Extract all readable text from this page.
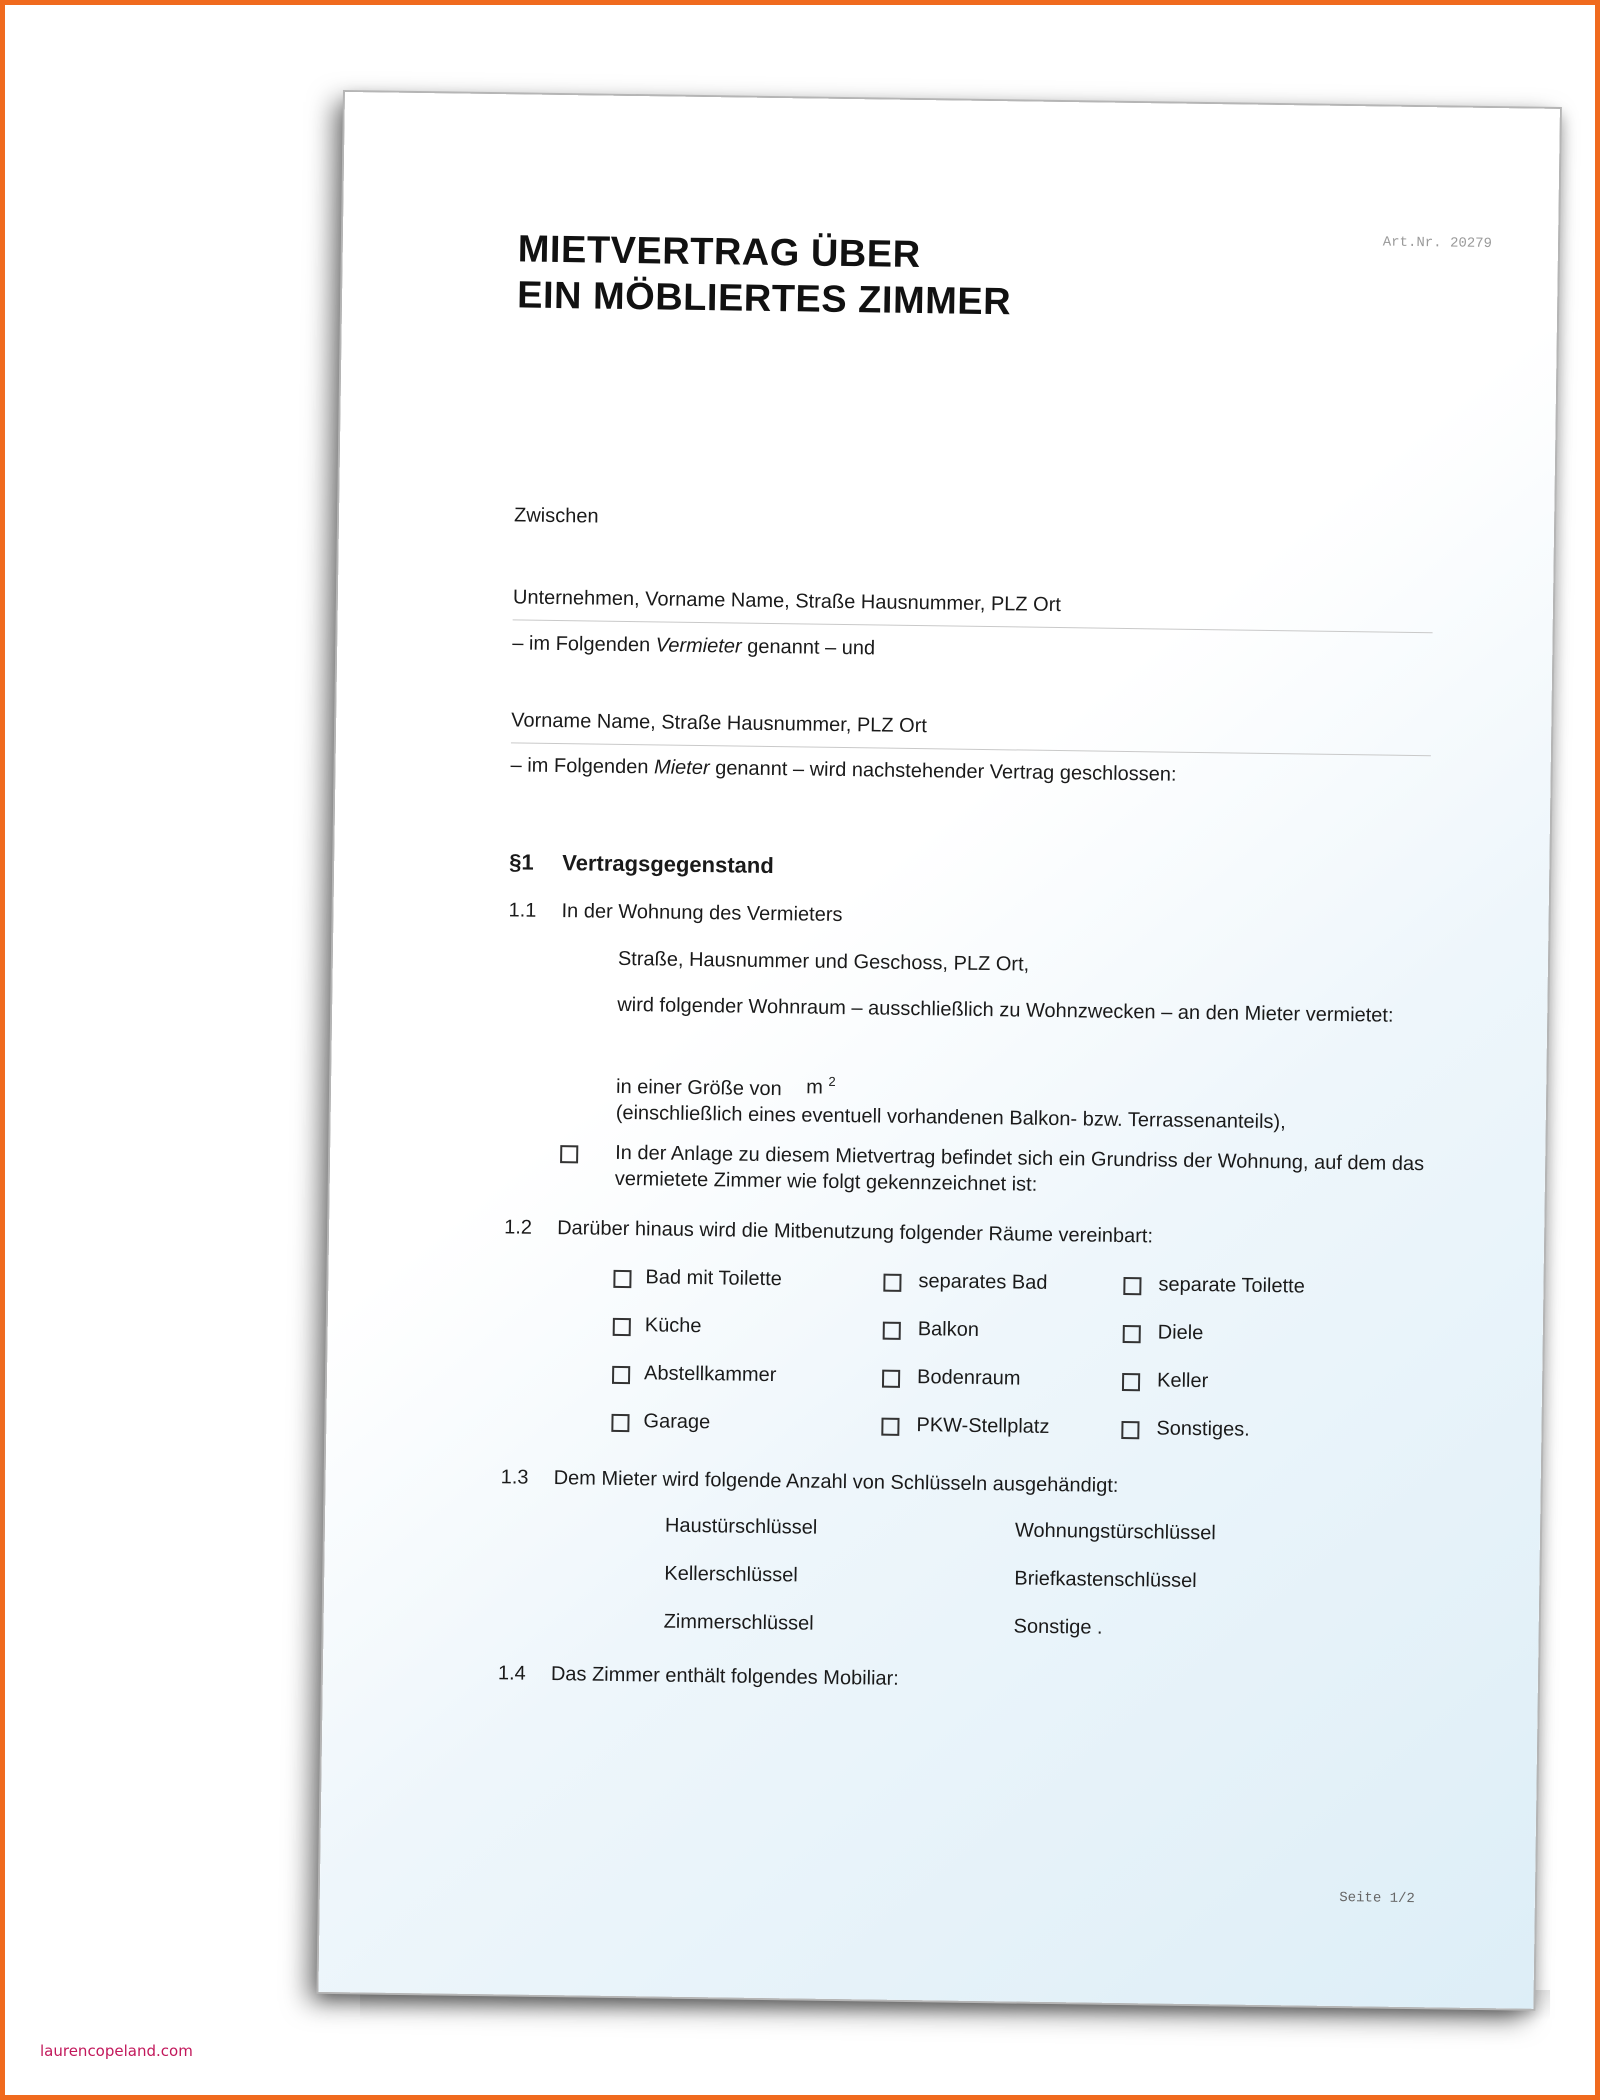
Art.Nr. 20279
MIETVERTRAG ÜBER
EIN MÖBLIERTES ZIMMER
Zwischen
Unternehmen, Vorname Name, Straße Hausnummer, PLZ Ort
– im Folgenden Vermieter genannt – und
Vorname Name, Straße Hausnummer, PLZ Ort
– im Folgenden Mieter genannt – wird nachstehender Vertrag geschlossen:
§1 Vertragsgegenstand
1.1 In der Wohnung des Vermieters
Straße, Hausnummer und Geschoss, PLZ Ort,
wird folgender Wohnraum – ausschließlich zu Wohnzwecken – an den Mieter vermietet:
in einer Größe von m $^2$
(einschließlich eines eventuell vorhandenen Balkon- bzw. Terrassenanteils),
In der Anlage zu diesem Mietvertrag befindet sich ein Grundriss der Wohnung, auf dem das
vermietete Zimmer wie folgt gekennzeichnet ist:
1.2 Darüber hinaus wird die Mitbenutzung folgender Räume vereinbart:
Bad mit Toilette	separates Bad	separate Toilette
Küche	Balkon	Diele
Abstellkammer	Bodenraum	Keller
Garage	PKW-Stellplatz	Sonstiges.
1.3 Dem Mieter wird folgende Anzahl von Schlüsseln ausgehändigt:
Haustürschlüssel	Wohnungstürschlüssel
Kellerschlüssel	Briefkastenschlüssel
Zimmerschlüssel	Sonstige .
1.4 Das Zimmer enthält folgendes Mobiliar:
Seite 1/2
laurencopeland.com
